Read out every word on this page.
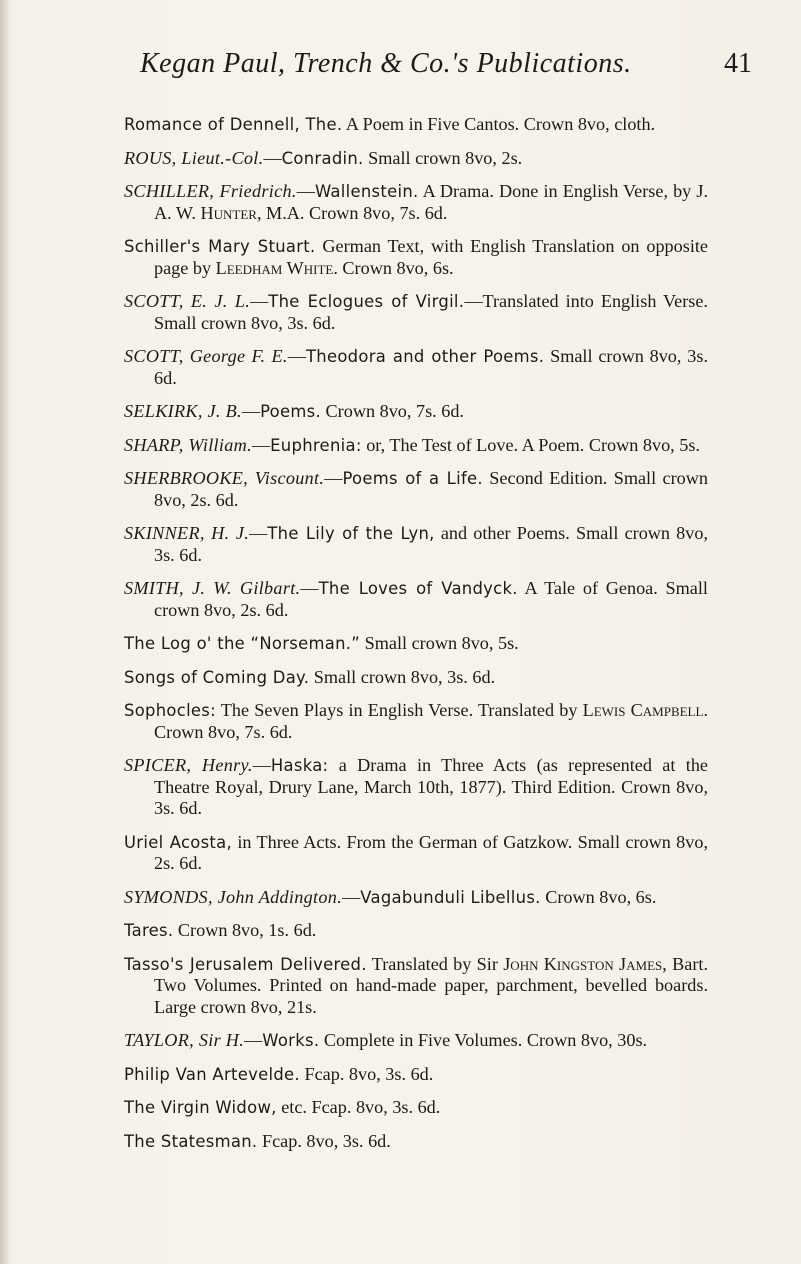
Kegan Paul, Trench & Co.'s Publications.	41
Romance of Dennell, The. A Poem in Five Cantos. Crown 8vo, cloth.
ROUS, Lieut.-Col.—Conradin. Small crown 8vo, 2s.
SCHILLER, Friedrich.—Wallenstein. A Drama. Done in English Verse, by J. A. W. Hunter, M.A. Crown 8vo, 7s. 6d.
Schiller's Mary Stuart. German Text, with English Translation on opposite page by Leedham White. Crown 8vo, 6s.
SCOTT, E. J. L.—The Eclogues of Virgil.—Translated into English Verse. Small crown 8vo, 3s. 6d.
SCOTT, George F. E.—Theodora and other Poems. Small crown 8vo, 3s. 6d.
SELKIRK, J. B.—Poems. Crown 8vo, 7s. 6d.
SHARP, William.—Euphrenia: or, The Test of Love. A Poem. Crown 8vo, 5s.
SHERBROOKE, Viscount.—Poems of a Life. Second Edition. Small crown 8vo, 2s. 6d.
SKINNER, H. J.—The Lily of the Lyn, and other Poems. Small crown 8vo, 3s. 6d.
SMITH, J. W. Gilbart.—The Loves of Vandyck. A Tale of Genoa. Small crown 8vo, 2s. 6d.
The Log o' the “Norseman.” Small crown 8vo, 5s.
Songs of Coming Day. Small crown 8vo, 3s. 6d.
Sophocles: The Seven Plays in English Verse. Translated by Lewis Campbell. Crown 8vo, 7s. 6d.
SPICER, Henry.—Haska: a Drama in Three Acts (as represented at the Theatre Royal, Drury Lane, March 10th, 1877). Third Edition. Crown 8vo, 3s. 6d.
Uriel Acosta, in Three Acts. From the German of Gatzkow. Small crown 8vo, 2s. 6d.
SYMONDS, John Addington.—Vagabunduli Libellus. Crown 8vo, 6s.
Tares. Crown 8vo, 1s. 6d.
Tasso's Jerusalem Delivered. Translated by Sir John Kingston James, Bart. Two Volumes. Printed on hand-made paper, parchment, bevelled boards. Large crown 8vo, 21s.
TAYLOR, Sir H.—Works. Complete in Five Volumes. Crown 8vo, 30s.
Philip Van Artevelde. Fcap. 8vo, 3s. 6d.
The Virgin Widow, etc. Fcap. 8vo, 3s. 6d.
The Statesman. Fcap. 8vo, 3s. 6d.
